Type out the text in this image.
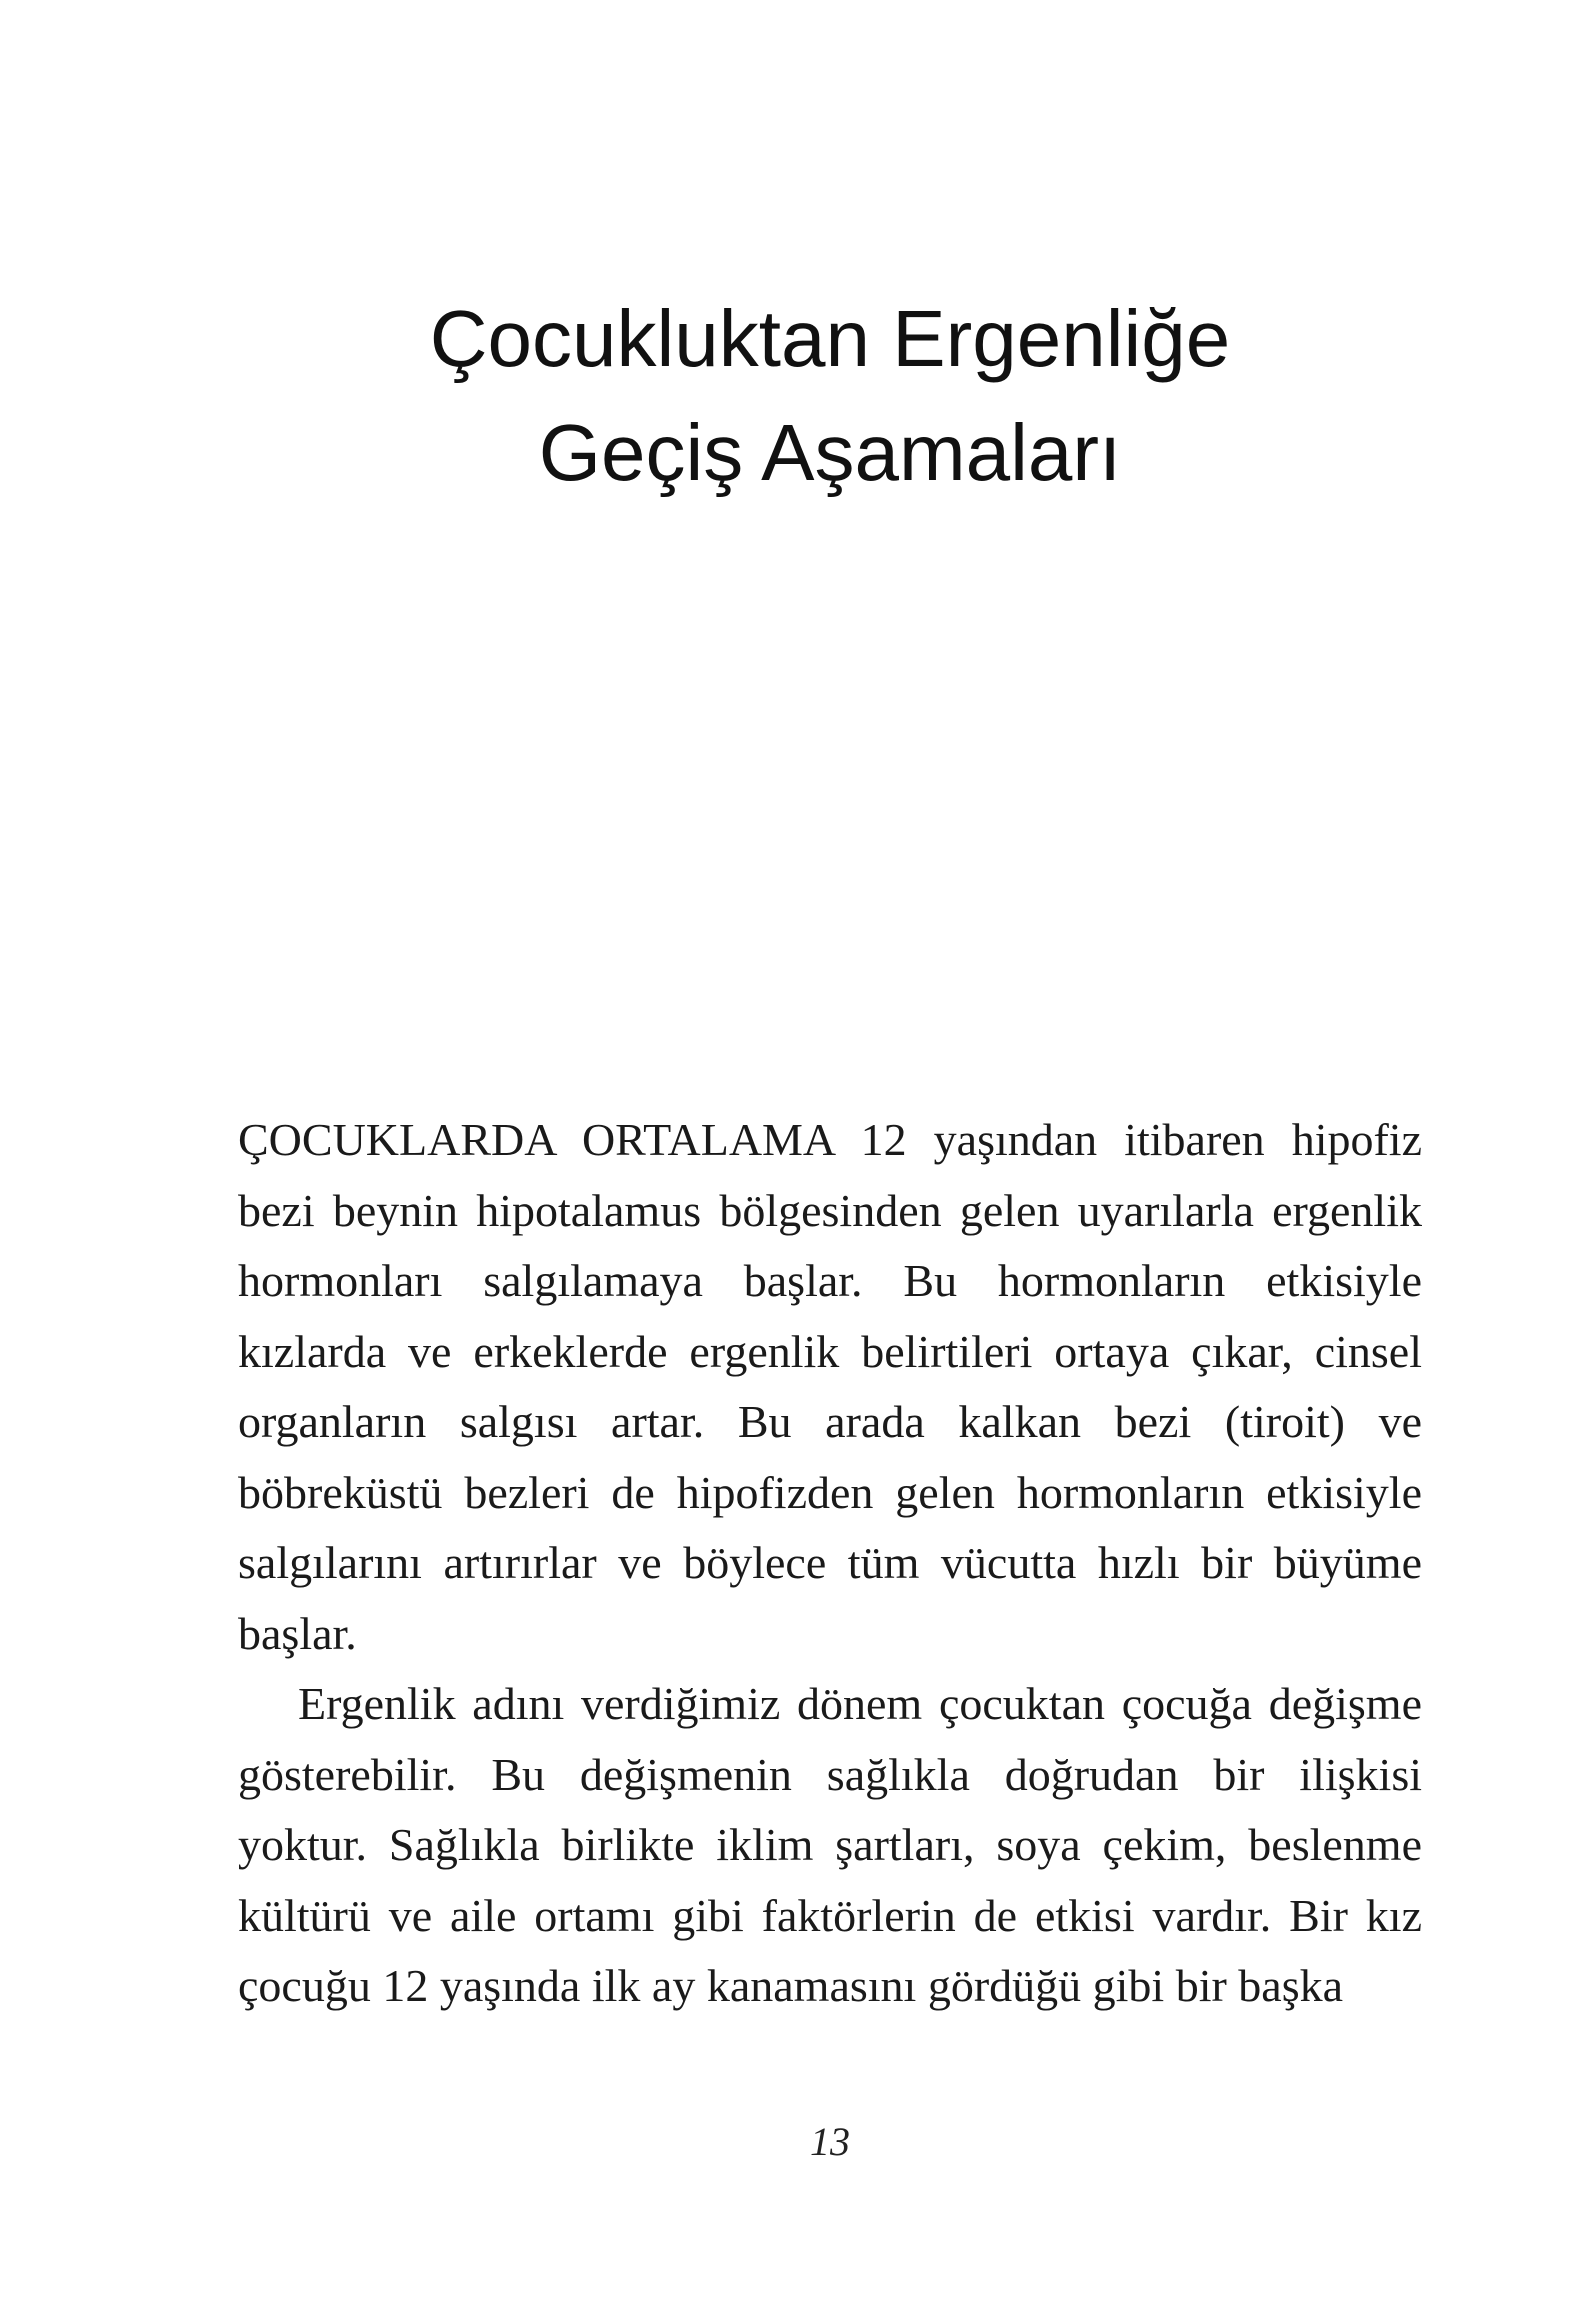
Çocukluktan Ergenliğe
Geçiş Aşamaları

ÇOCUKLARDA ORTALAMA 12 yaşından itibaren hipofiz bezi beynin hipotalamus bölgesinden gelen uyarılarla ergenlik hormonları salgılamaya başlar. Bu hormonların etkisiyle kızlarda ve erkeklerde ergenlik belirtileri ortaya çıkar, cinsel organların salgısı artar. Bu arada kalkan bezi (tiroit) ve böbreküstü bezleri de hipofizden gelen hormonların etkisiyle salgılarını artırırlar ve böylece tüm vücutta hızlı bir büyüme başlar.

Ergenlik adını verdiğimiz dönem çocuktan çocuğa değişme gösterebilir. Bu değişmenin sağlıkla doğrudan bir ilişkisi yoktur. Sağlıkla birlikte iklim şartları, soya çekim, beslenme kültürü ve aile ortamı gibi faktörlerin de etkisi vardır. Bir kız çocuğu 12 yaşında ilk ay kanamasını gördüğü gibi bir başka

13
